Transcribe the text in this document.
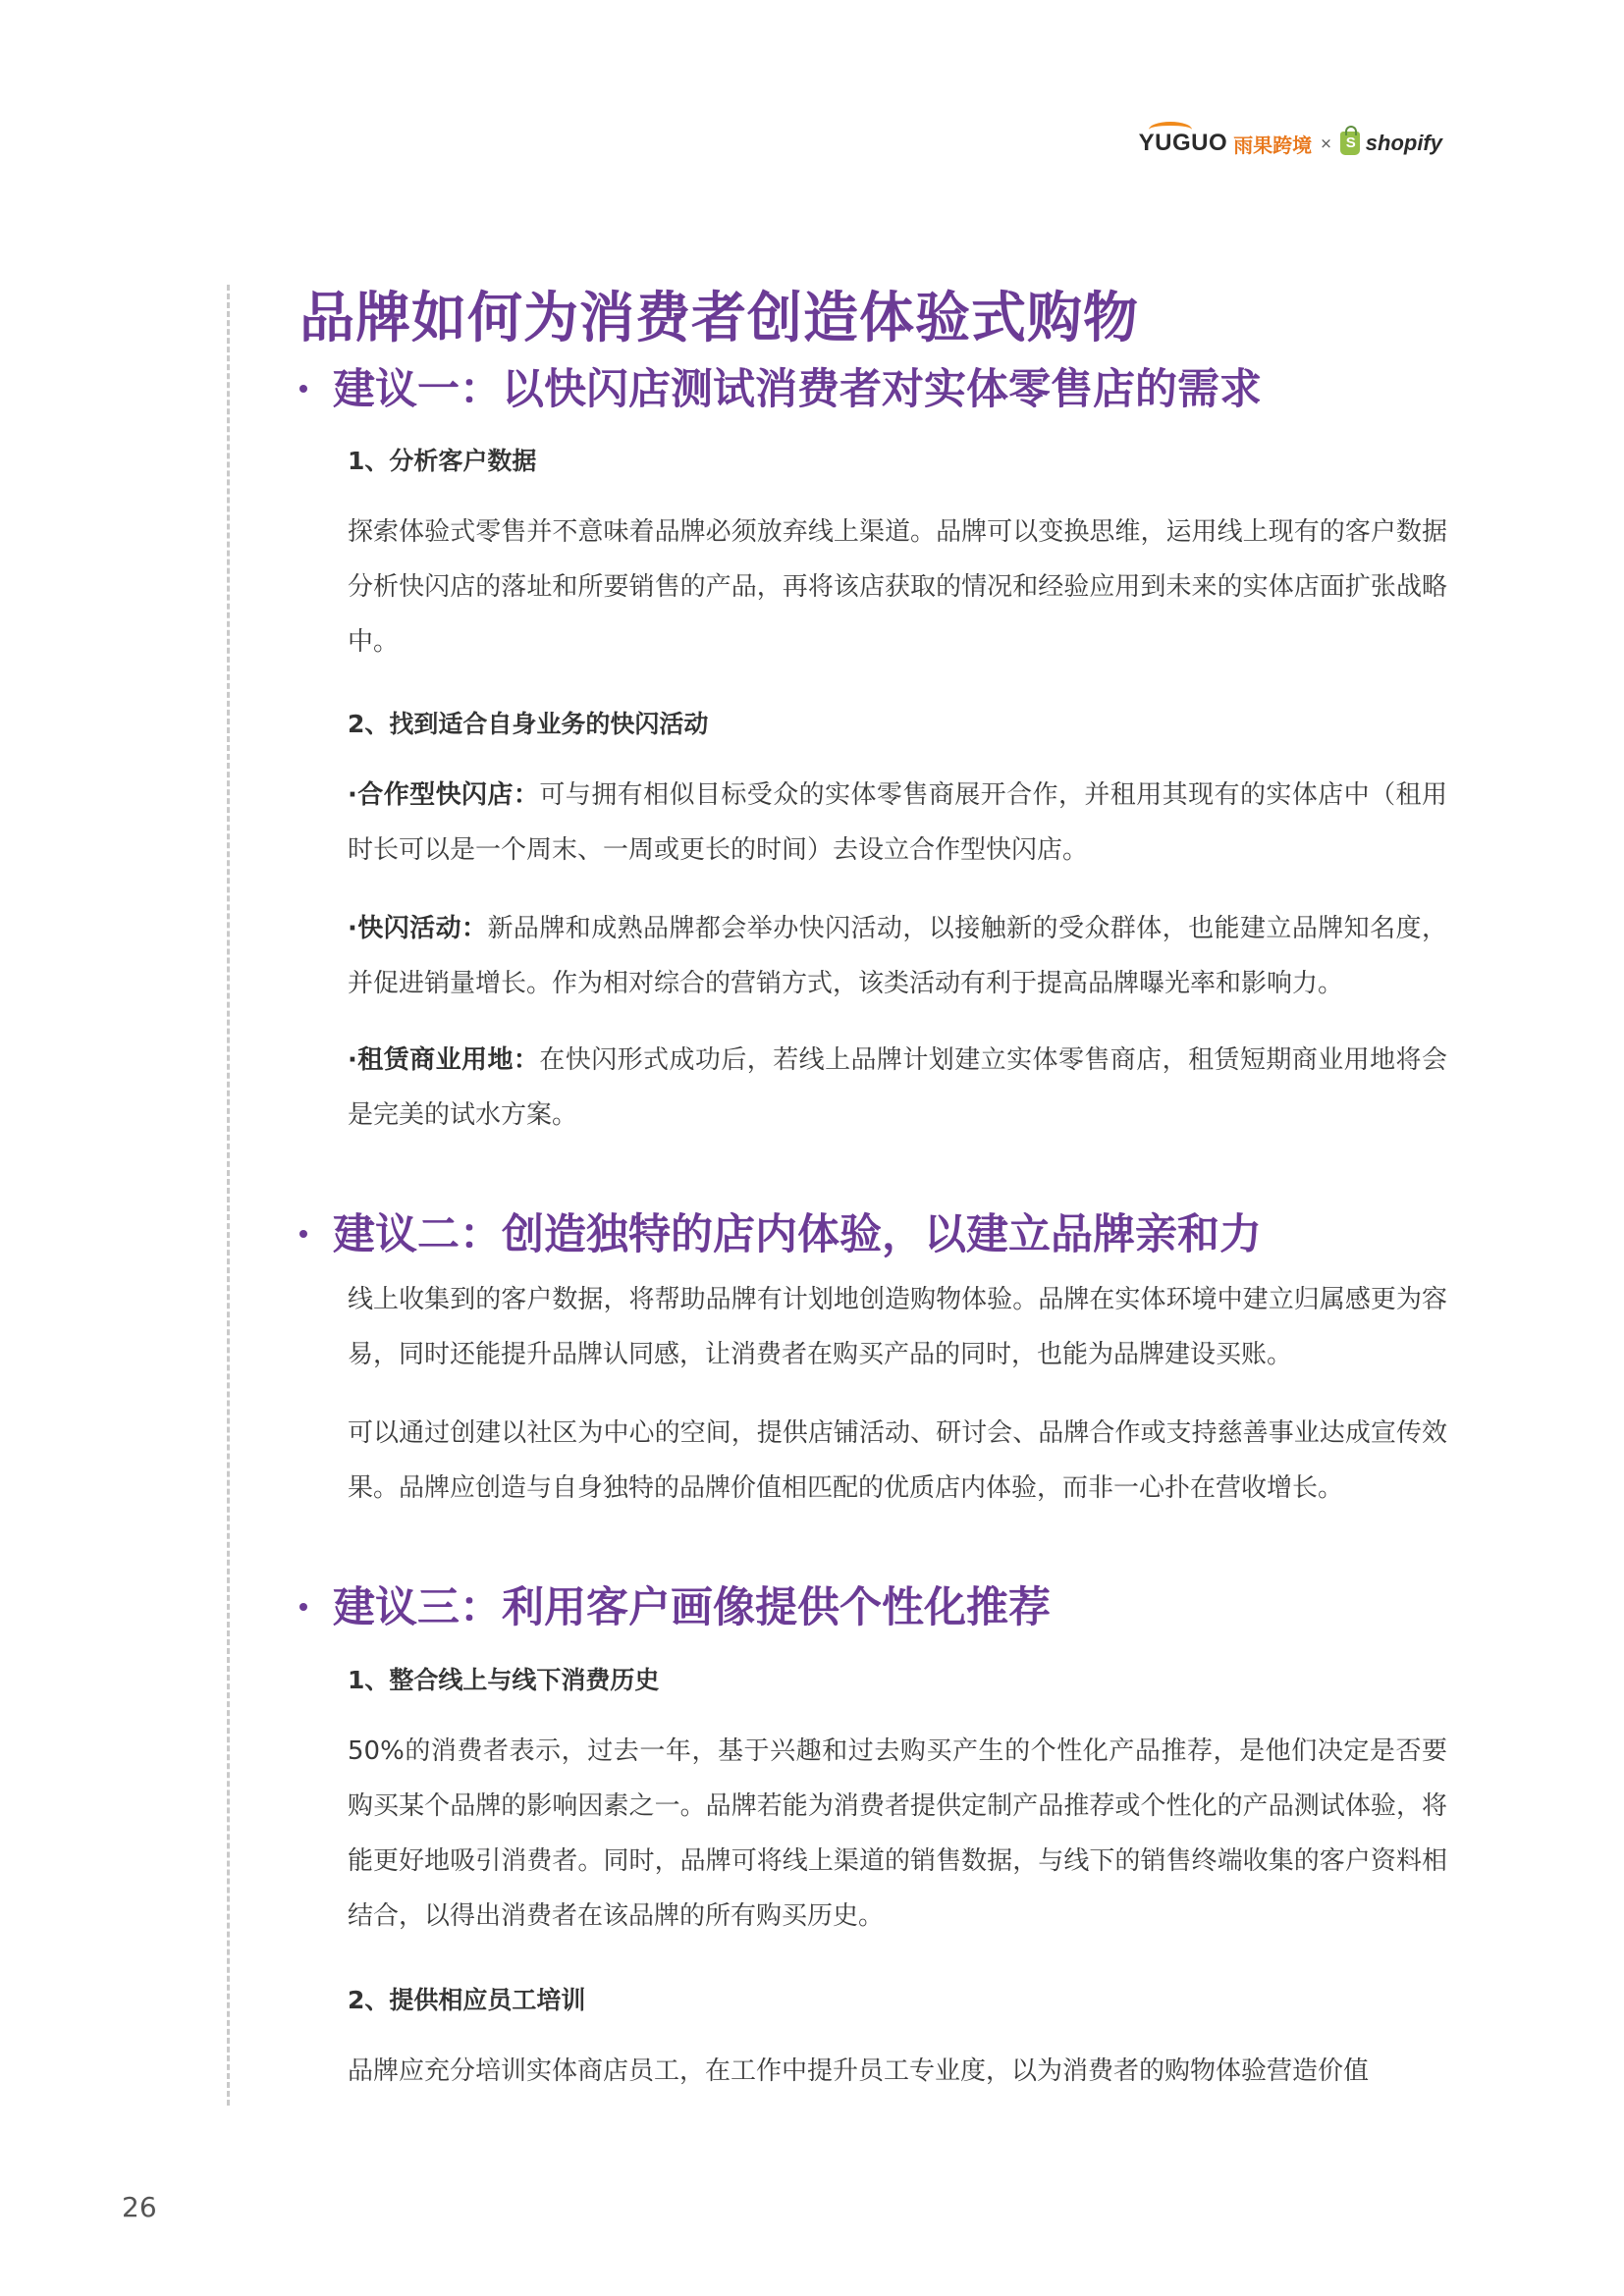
YUGUO 雨果跨境 × S shopify
品牌如何为消费者创造体验式购物
建议一：以快闪店测试消费者对实体零售店的需求

1、分析客户数据

探索体验式零售并不意味着品牌必须放弃线上渠道。品牌可以变换思维，运用线上现有的客户数据分析快闪店的落址和所要销售的产品，再将该店获取的情况和经验应用到未来的实体店面扩张战略中。

2、找到适合自身业务的快闪活动

·合作型快闪店：可与拥有相似目标受众的实体零售商展开合作，并租用其现有的实体店中（租用时长可以是一个周末、一周或更长的时间）去设立合作型快闪店。

·快闪活动：新品牌和成熟品牌都会举办快闪活动，以接触新的受众群体，也能建立品牌知名度，并促进销量增长。作为相对综合的营销方式，该类活动有利于提高品牌曝光率和影响力。

·租赁商业用地：在快闪形式成功后，若线上品牌计划建立实体零售商店，租赁短期商业用地将会是完美的试水方案。

建议二：创造独特的店内体验，以建立品牌亲和力

线上收集到的客户数据，将帮助品牌有计划地创造购物体验。品牌在实体环境中建立归属感更为容易，同时还能提升品牌认同感，让消费者在购买产品的同时，也能为品牌建设买账。

可以通过创建以社区为中心的空间，提供店铺活动、研讨会、品牌合作或支持慈善事业达成宣传效果。品牌应创造与自身独特的品牌价值相匹配的优质店内体验，而非一心扑在营收增长。

建议三：利用客户画像提供个性化推荐

1、整合线上与线下消费历史

50%的消费者表示，过去一年，基于兴趣和过去购买产生的个性化产品推荐，是他们决定是否要购买某个品牌的影响因素之一。品牌若能为消费者提供定制产品推荐或个性化的产品测试体验，将能更好地吸引消费者。同时，品牌可将线上渠道的销售数据，与线下的销售终端收集的客户资料相结合，以得出消费者在该品牌的所有购买历史。

2、提供相应员工培训

品牌应充分培训实体商店员工，在工作中提升员工专业度，以为消费者的购物体验营造价值

26
